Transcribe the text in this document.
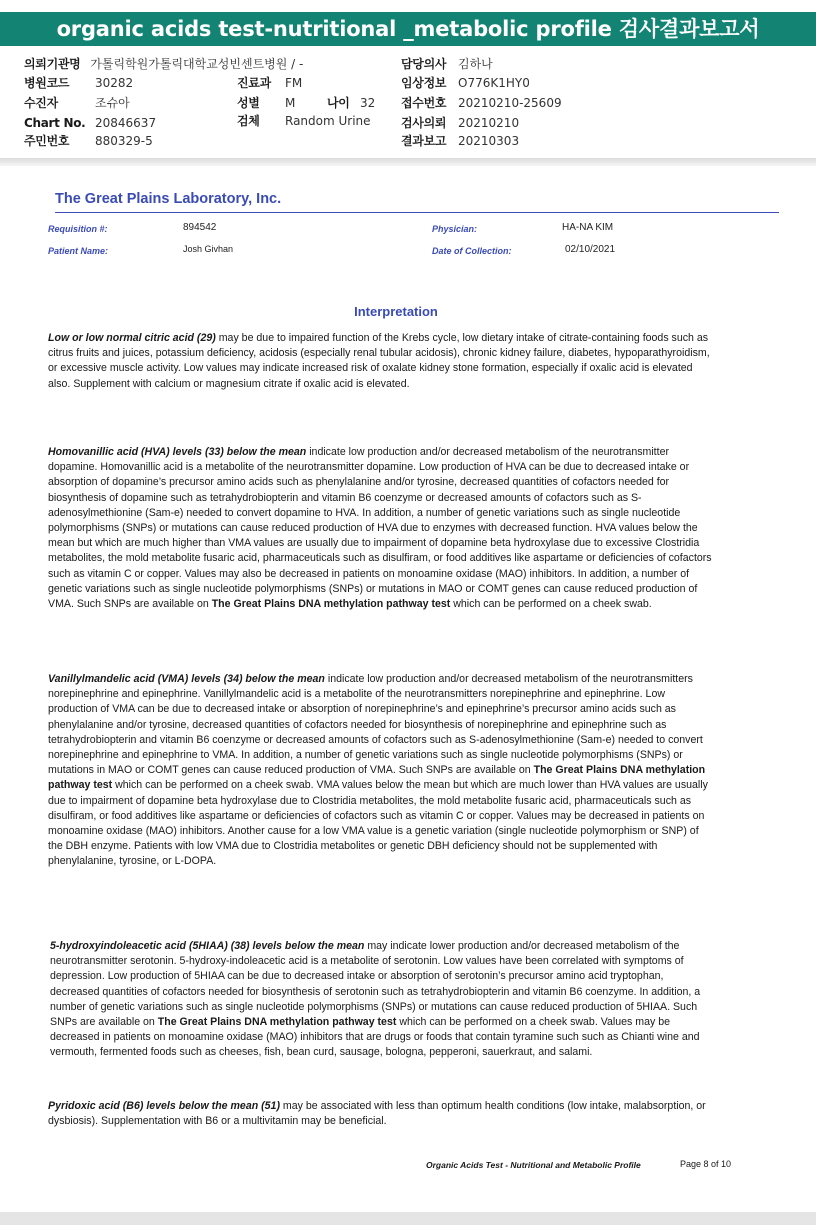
organic acids test-nutritional _metabolic profile 검사결과보고서
의뢰기관명 가톨릭학원가톨릭대학교성빈센트병원 / -
병원코드 30282
수진자	조슈아
Chart No. 20846637
주민번호 880329-5
진료과 FM
성별 M	나이 32
검체 Random Urine
담당의사 김하나
임상정보 O776K1HY0
접수번호 20210210-25609
검사의뢰 20210210
결과보고 20210303
The Great Plains Laboratory, Inc.
Requisition #:	894542
Patient Name:	Josh Givhan
Physician:	HA-NA KIM
Date of Collection:	02/10/2021
Interpretation
Low or low normal citric acid (29) may be due to impaired function of the Krebs cycle, low dietary intake of citrate-containing foods such as citrus fruits and juices, potassium deficiency, acidosis (especially renal tubular acidosis), chronic kidney failure, diabetes, hypoparathyroidism, or excessive muscle activity. Low values may indicate increased risk of oxalate kidney stone formation, especially if oxalic acid is elevated also. Supplement with calcium or magnesium citrate if oxalic acid is elevated.
Homovanillic acid (HVA) levels (33) below the mean indicate low production and/or decreased metabolism of the neurotransmitter dopamine. Homovanillic acid is a metabolite of the neurotransmitter dopamine. Low production of HVA can be due to decreased intake or absorption of dopamine’s precursor amino acids such as phenylalanine and/or tyrosine, decreased quantities of cofactors needed for biosynthesis of dopamine such as tetrahydrobiopterin and vitamin B6 coenzyme or decreased amounts of cofactors such as S-adenosylmethionine (Sam-e) needed to convert dopamine to HVA. In addition, a number of genetic variations such as single nucleotide polymorphisms (SNPs) or mutations can cause reduced production of HVA due to enzymes with decreased function. HVA values below the mean but which are much higher than VMA values are usually due to impairment of dopamine beta hydroxylase due to excessive Clostridia metabolites, the mold metabolite fusaric acid, pharmaceuticals such as disulfiram, or food additives like aspartame or deficiencies of cofactors such as vitamin C or copper. Values may also be decreased in patients on monoamine oxidase (MAO) inhibitors. In addition, a number of genetic variations such as single nucleotide polymorphisms (SNPs) or mutations in MAO or COMT genes can cause reduced production of VMA. Such SNPs are available on The Great Plains DNA methylation pathway test which can be performed on a cheek swab.
Vanillylmandelic acid (VMA) levels (34) below the mean indicate low production and/or decreased metabolism of the neurotransmitters norepinephrine and epinephrine. Vanillylmandelic acid is a metabolite of the neurotransmitters norepinephrine and epinephrine. Low production of VMA can be due to decreased intake or absorption of norepinephrine’s and epinephrine’s precursor amino acids such as phenylalanine and/or tyrosine, decreased quantities of cofactors needed for biosynthesis of norepinephrine and epinephrine such as tetrahydrobiopterin and vitamin B6 coenzyme or decreased amounts of cofactors such as S-adenosylmethionine (Sam-e) needed to convert norepinephrine and epinephrine to VMA. In addition, a number of genetic variations such as single nucleotide polymorphisms (SNPs) or mutations in MAO or COMT genes can cause reduced production of VMA. Such SNPs are available on The Great Plains DNA methylation pathway test which can be performed on a cheek swab. VMA values below the mean but which are much lower than HVA values are usually due to impairment of dopamine beta hydroxylase due to Clostridia metabolites, the mold metabolite fusaric acid, pharmaceuticals such as disulfiram, or food additives like aspartame or deficiencies of cofactors such as vitamin C or copper. Values may be decreased in patients on monoamine oxidase (MAO) inhibitors. Another cause for a low VMA value is a genetic variation (single nucleotide polymorphism or SNP) of the DBH enzyme. Patients with low VMA due to Clostridia metabolites or genetic DBH deficiency should not be supplemented with phenylalanine, tyrosine, or L-DOPA.
5-hydroxyindoleacetic acid (5HIAA) (38) levels below the mean may indicate lower production and/or decreased metabolism of the neurotransmitter serotonin. 5-hydroxy-indoleacetic acid is a metabolite of serotonin. Low values have been correlated with symptoms of depression. Low production of 5HIAA can be due to decreased intake or absorption of serotonin’s precursor amino acid tryptophan, decreased quantities of cofactors needed for biosynthesis of serotonin such as tetrahydrobiopterin and vitamin B6 coenzyme. In addition, a number of genetic variations such as single nucleotide polymorphisms (SNPs) or mutations can cause reduced production of 5HIAA. Such SNPs are available on The Great Plains DNA methylation pathway test which can be performed on a cheek swab. Values may be decreased in patients on monoamine oxidase (MAO) inhibitors that are drugs or foods that contain tyramine such such as Chianti wine and vermouth, fermented foods such as cheeses, fish, bean curd, sausage, bologna, pepperoni, sauerkraut, and salami.
Pyridoxic acid (B6) levels below the mean (51) may be associated with less than optimum health conditions (low intake, malabsorption, or dysbiosis). Supplementation with B6 or a multivitamin may be beneficial.
Organic Acids Test - Nutritional and Metabolic Profile	Page 8 of 10
